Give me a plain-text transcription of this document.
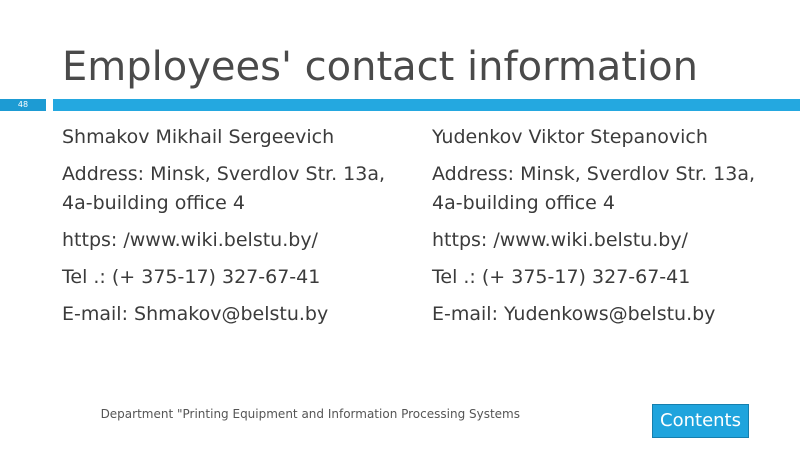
Employees' contact information
48

Shmakov Mikhail Sergeevich

Address: Minsk, Sverdlov Str. 13a, 4a-building office 4

https: /www.wiki.belstu.by/

Tel .: (+ 375-17) 327-67-41

E-mail: Shmakov@belstu.by

Yudenkov Viktor Stepanovich

Address: Minsk, Sverdlov Str. 13a, 4a-building office 4

https: /www.wiki.belstu.by/

Tel .: (+ 375-17) 327-67-41

E-mail: Yudenkows@belstu.by

Department "Printing Equipment and Information Processing Systems	Contents
